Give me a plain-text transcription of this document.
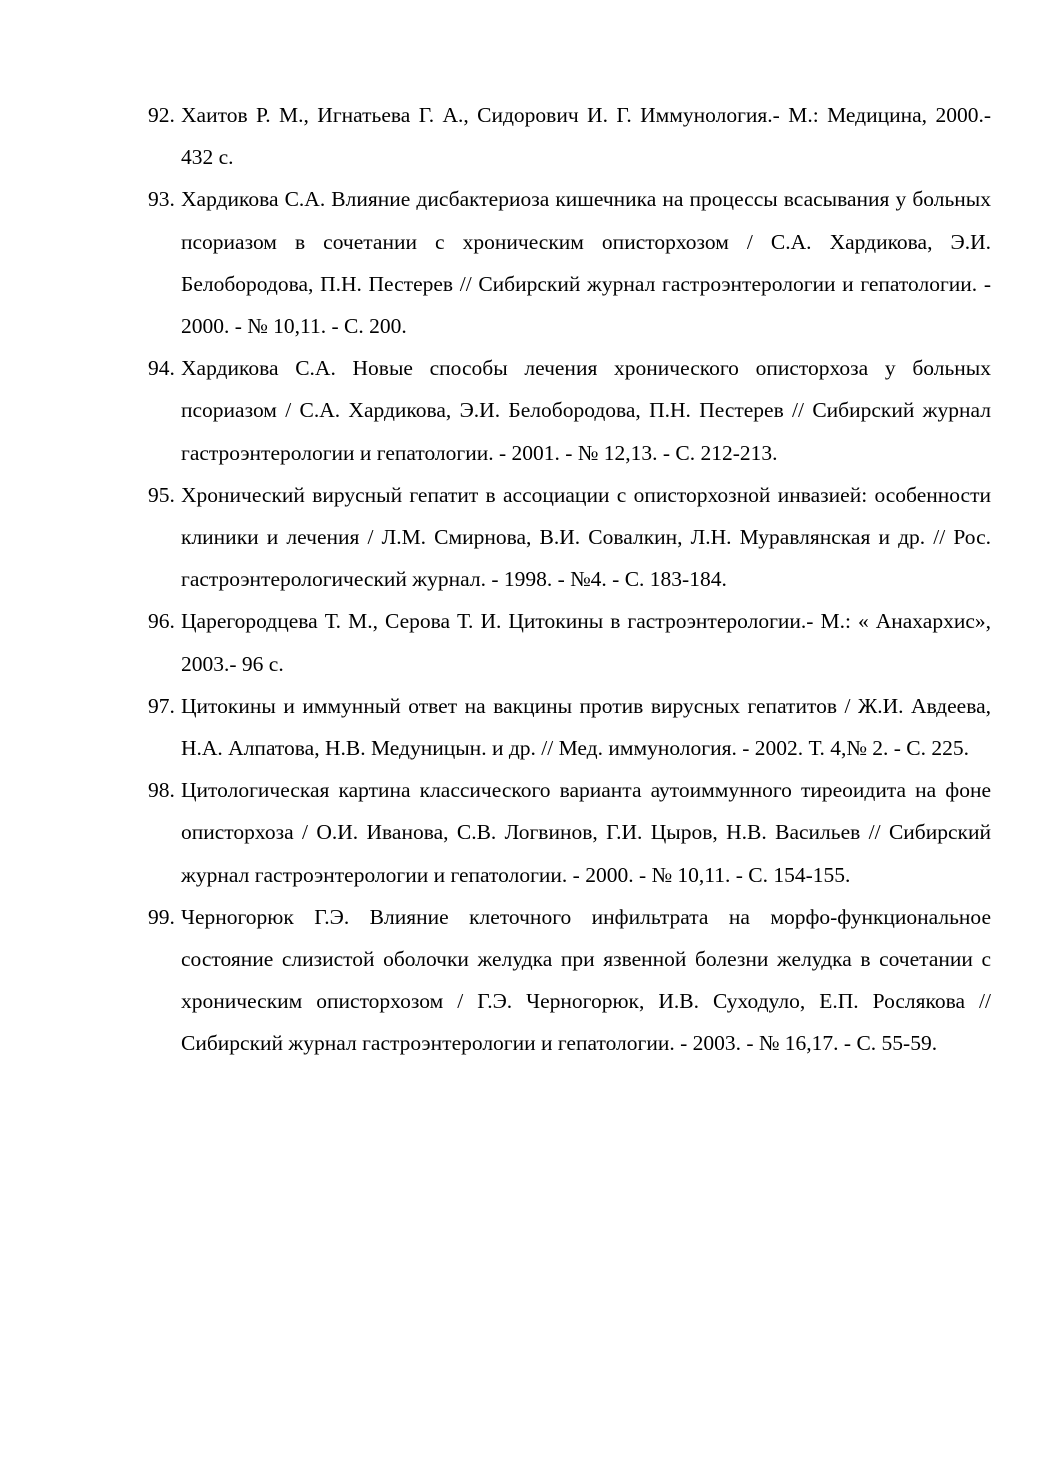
92. Хаитов Р. М., Игнатьева Г. А., Сидорович И. Г. Иммунология.- М.: Медицина, 2000.- 432 с.
93. Хардикова С.А. Влияние дисбактериоза кишечника на процессы всасывания у больных псориазом в сочетании с хроническим описторхозом / С.А. Хардикова, Э.И. Белобородова, П.Н. Пестерев // Сибирский журнал гастроэнтерологии и гепатологии. - 2000. - № 10,11. - С. 200.
94. Хардикова С.А. Новые способы лечения хронического описторхоза у больных псориазом / С.А. Хардикова, Э.И. Белобородова, П.Н. Пестерев // Сибирский журнал гастроэнтерологии и гепатологии. - 2001. - № 12,13. - С. 212-213.
95. Хронический вирусный гепатит в ассоциации с описторхозной инвазией: особенности клиники и лечения / Л.М. Смирнова, В.И. Совалкин, Л.Н. Муравлянская и др. // Рос. гастроэнтерологический журнал. - 1998. - №4. - С. 183-184.
96. Царегородцева Т. М., Серова Т. И. Цитокины в гастроэнтерологии.- М.: « Анахархис», 2003.- 96 с.
97. Цитокины и иммунный ответ на вакцины против вирусных гепатитов / Ж.И. Авдеева, Н.А. Алпатова, Н.В. Медуницын. и др. // Мед. иммунология. - 2002. Т. 4,№ 2. - С. 225.
98. Цитологическая картина классического варианта аутоиммунного тиреоидита на фоне описторхоза / О.И. Иванова, С.В. Логвинов, Г.И. Цыров, Н.В. Васильев // Сибирский журнал гастроэнтерологии и гепатологии. - 2000. - № 10,11. - С. 154-155.
99. Черногорюк Г.Э. Влияние клеточного инфильтрата на морфо-функциональное состояние слизистой оболочки желудка при язвенной болезни желудка в сочетании с хроническим описторхозом / Г.Э. Черногорюк, И.В. Суходуло, Е.П. Рослякова // Сибирский журнал гастроэнтерологии и гепатологии. - 2003. - № 16,17. - С. 55-59.
